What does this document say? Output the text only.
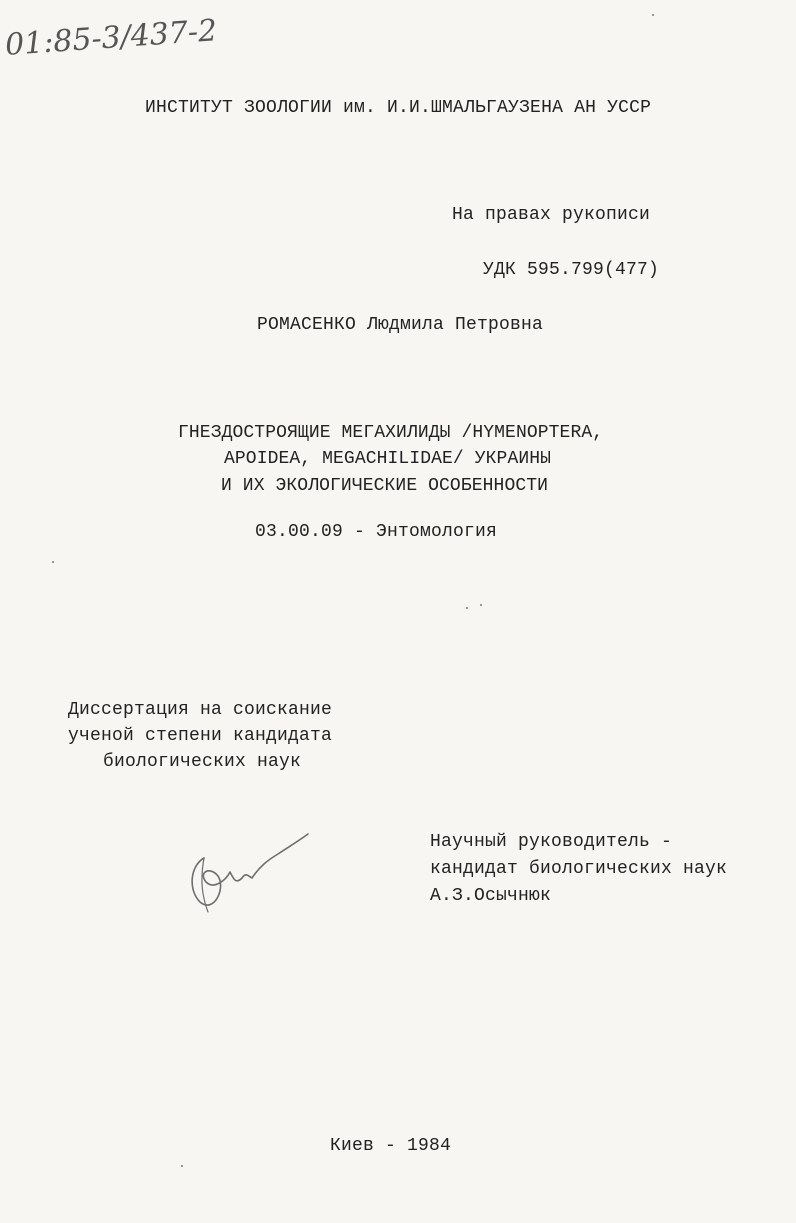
01:85-3/437-2
ИНСТИТУТ ЗООЛОГИИ им. И.И.ШМАЛЬГАУЗЕНА АН УССР
На правах рукописи
УДК 595.799(477)
РОМАСЕНКО Людмила Петровна
ГНЕЗДОСТРОЯЩИЕ МЕГАХИЛИДЫ /HYMENOPTERA,
APOIDEA, MEGACHILIDAE/ УКРАИНЫ
И ИХ ЭКОЛОГИЧЕСКИЕ ОСОБЕННОСТИ
03.00.09 - Энтомология
Диссертация на соискание
ученой степени кандидата
биологических наук
Научный руководитель -
кандидат биологических наук
А.З.Осычнюк
Киев - 1984
